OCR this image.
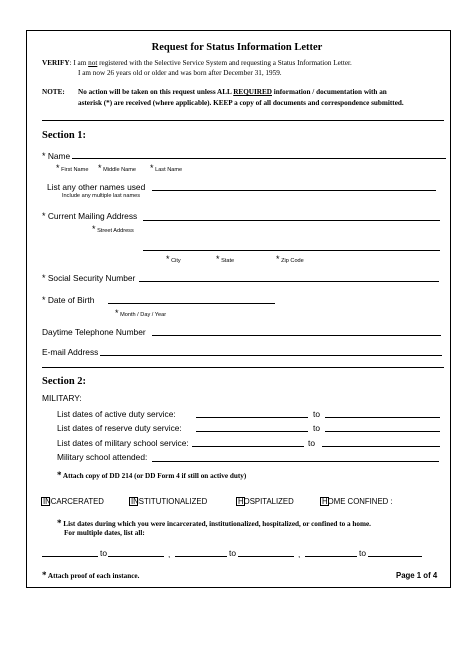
Request for Status Information Letter
VERIFY: I am not registered with the Selective Service System and requesting a Status Information Letter.
I am now 26 years old or older and was born after December 31, 1959.
NOTE: No action will be taken on this request unless ALL REQUIRED information / documentation with an
asterisk (*) are received (where applicable). KEEP a copy of all documents and correspondence submitted.
Section 1:
* Name
* First Name * Middle Name * Last Name
List any other names used
Include any multiple last names
* Current Mailing Address
* Street Address
* City	* State	* Zip Code
* Social Security Number
* Date of Birth
* Month / Day / Year
Daytime Telephone Number
E-mail Address
Section 2:
MILITARY:
List dates of active duty service:	to
List dates of reserve duty service:	to
List dates of military school service:	to
Military school attended:
* Attach copy of DD 214 (or DD Form 4 if still on active duty)
INCARCERATED	INSTITUTIONALIZED	HOSPITALIZED	HOME CONFINED :
* List dates during which you were incarcerated, institutionalized, hospitalized, or confined to a home.
For multiple dates, list all:
to	,	to	,	to
* Attach proof of each instance.	Page 1 of 4
